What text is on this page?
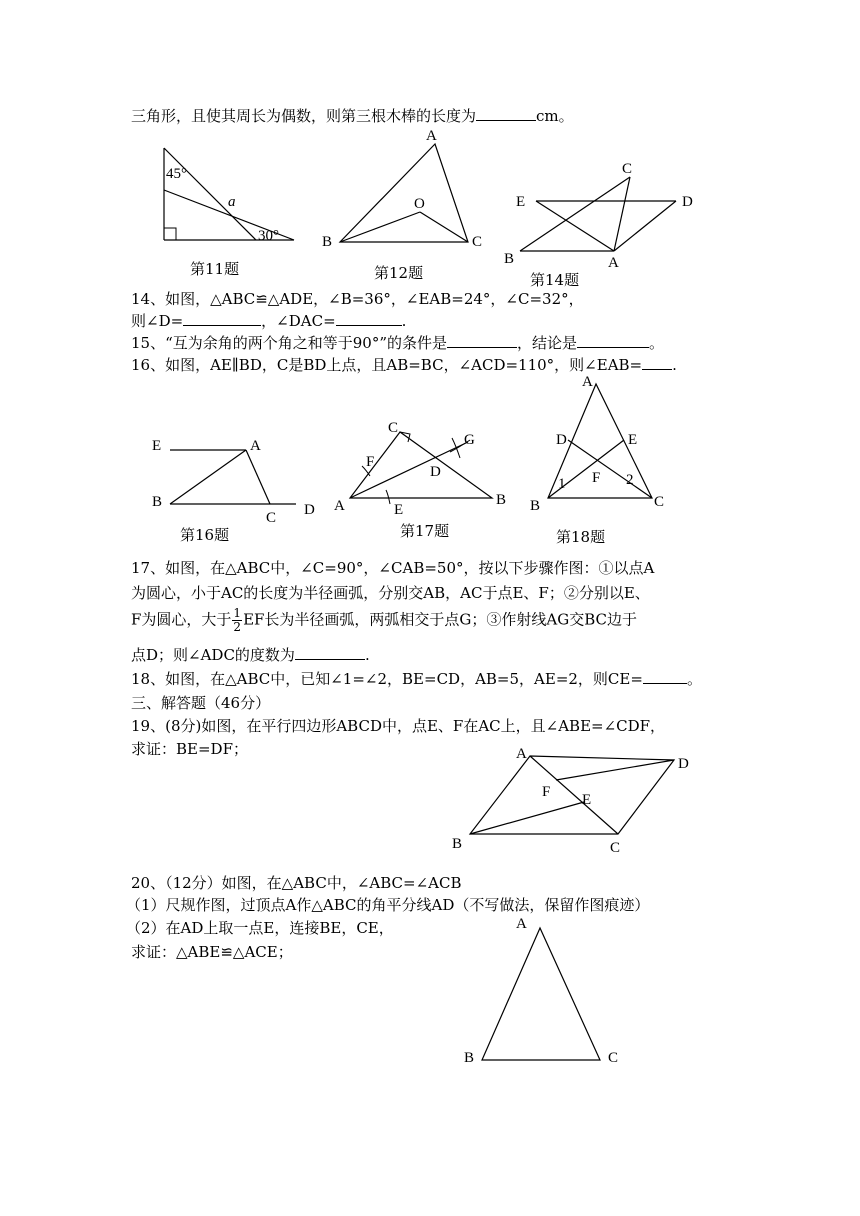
三角形，且使其周长为偶数，则第三根木棒的长度为	cm。
45°
a
30°
第11题
A
O
B	C
第12题
C
E	D
B	A
第14题
14、如图，△ABC≌△ADE，∠B=36°，∠EAB=24°，∠C=32°，
则∠D=	，∠DAC=	.
15、“互为余角的两个角之和等于90°”的条件是	，结论是	。
16、如图，AE∥BD，C是BD上点，且AB=BC，∠ACD=110°，则∠EAB= .
E	A
B
C D
第16题
C
G
F
D
A	E
B
第17题
A
D	E
F
1	2
B	C
第18题
17、如图，在△ABC中，∠C=90°，∠CAB=50°，按以下步骤作图：①以点A
为圆心，小于AC的长度为半径画弧，分别交AB，AC于点E、F；②分别以E、
F为圆心，大于 $\frac{1}{2}$ EF长为半径画弧，两弧相交于点G；③作射线AG交BC边于
点D；则∠ADC的度数为	.
18、如图，在△ABC中，已知∠1=∠2，BE=CD，AB=5，AE=2，则CE=	。
三、解答题（46分）
19、(8分)如图，在平行四边形ABCD中，点E、F在AC上，且∠ABE=∠CDF，
求证：BE=DF；	A
D
F E
B	C
20、（12分）如图，在△ABC中，∠ABC=∠ACB
（1）尺规作图，过顶点A作△ABC的角平分线AD（不写做法，保留作图痕迹）
（2）在AD上取一点E，连接BE，CE，
求证：△ABE≌△ACE；
A
B	C
